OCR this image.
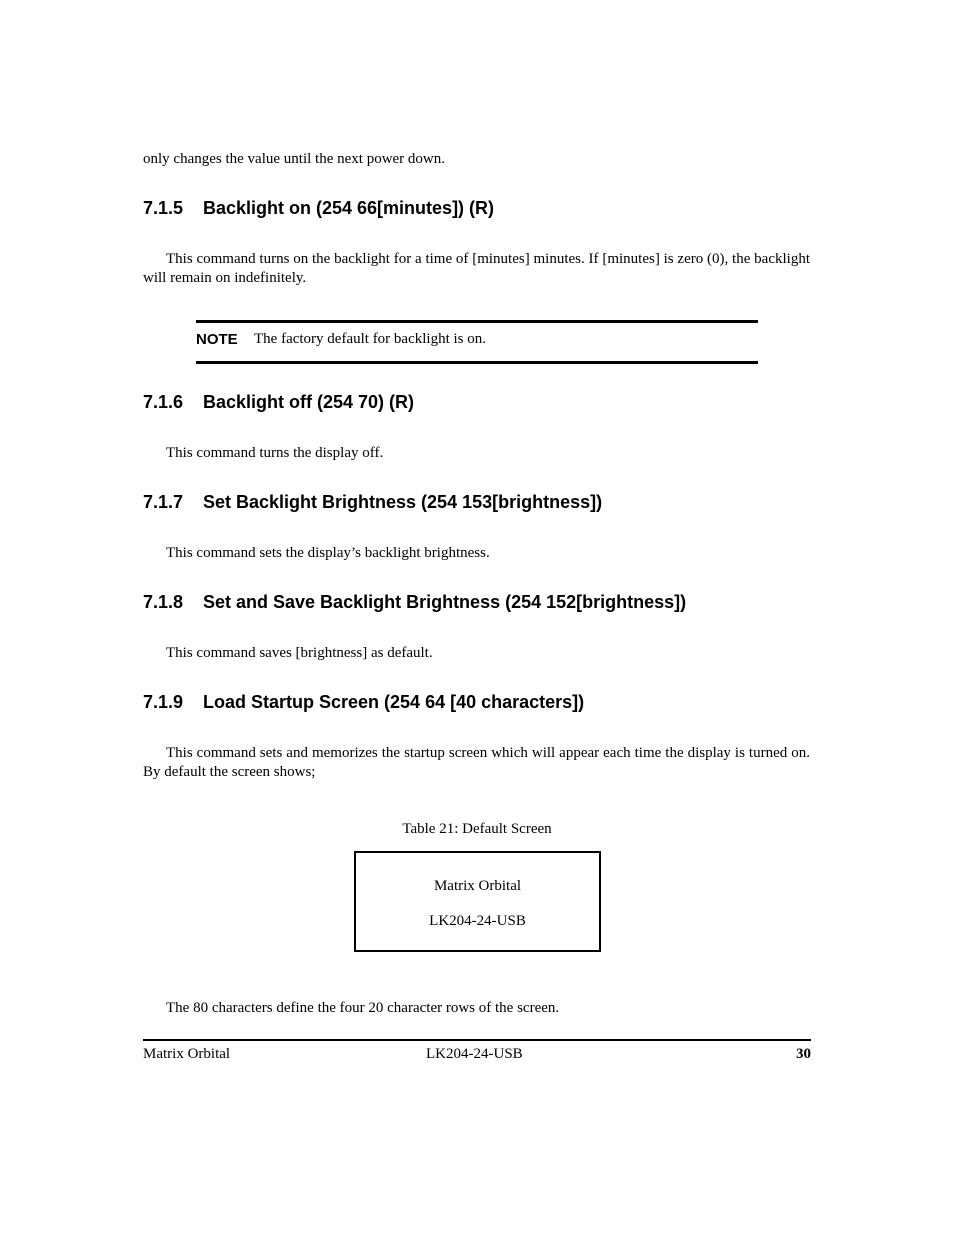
only changes the value until the next power down.
7.1.5 Backlight on (254 66[minutes]) (R)
This command turns on the backlight for a time of [minutes] minutes. If [minutes] is zero (0), the backlight will remain on indefinitely.
NOTE The factory default for backlight is on.
7.1.6 Backlight off (254 70) (R)
This command turns the display off.
7.1.7 Set Backlight Brightness (254 153[brightness])
This command sets the display’s backlight brightness.
7.1.8 Set and Save Backlight Brightness (254 152[brightness])
This command saves [brightness] as default.
7.1.9 Load Startup Screen (254 64 [40 characters])
This command sets and memorizes the startup screen which will appear each time the display is turned on. By default the screen shows;
Table 21: Default Screen
Matrix Orbital
LK204-24-USB
The 80 characters define the four 20 character rows of the screen.
Matrix Orbital	LK204-24-USB	30
